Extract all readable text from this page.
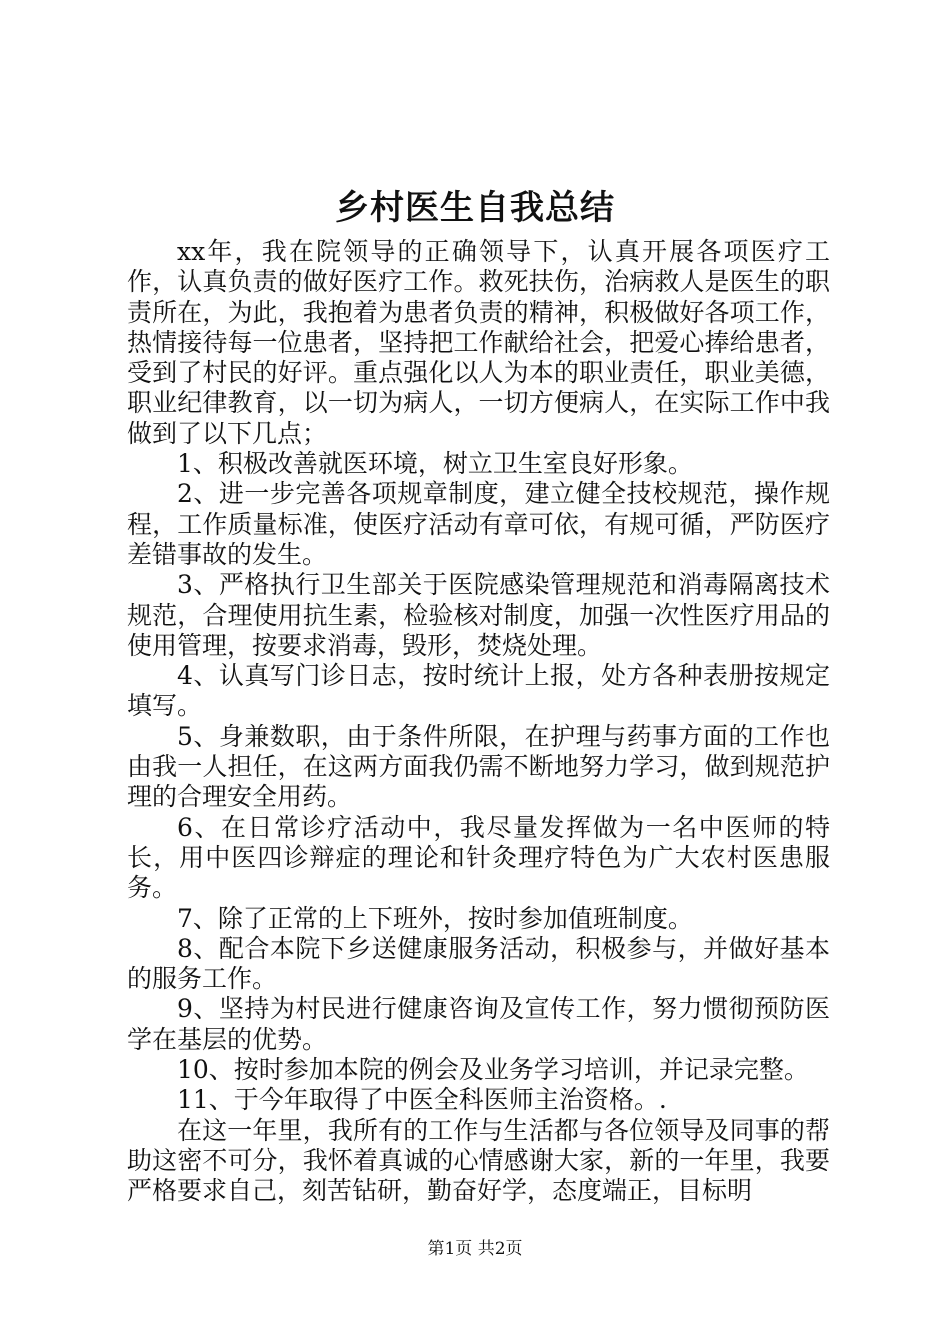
乡村医生自我总结

xx年，我在院领导的正确领导下，认真开展各项医疗工作，认真负责的做好医疗工作。救死扶伤，治病救人是医生的职责所在，为此，我抱着为患者负责的精神，积极做好各项工作，热情接待每一位患者，坚持把工作献给社会，把爱心捧给患者，受到了村民的好评。重点强化以人为本的职业责任，职业美德，职业纪律教育，以一切为病人，一切方便病人，在实际工作中我做到了以下几点；

1、积极改善就医环境，树立卫生室良好形象。

2、进一步完善各项规章制度，建立健全技校规范，操作规程，工作质量标准，使医疗活动有章可依，有规可循，严防医疗差错事故的发生。

3、严格执行卫生部关于医院感染管理规范和消毒隔离技术规范，合理使用抗生素，检验核对制度，加强一次性医疗用品的使用管理，按要求消毒，毁形，焚烧处理。

4、认真写门诊日志，按时统计上报，处方各种表册按规定填写。

5、身兼数职，由于条件所限，在护理与药事方面的工作也由我一人担任，在这两方面我仍需不断地努力学习，做到规范护理的合理安全用药。

6、在日常诊疗活动中，我尽量发挥做为一名中医师的特长，用中医四诊辩症的理论和针灸理疗特色为广大农村医患服务。

7、除了正常的上下班外，按时参加值班制度。

8、配合本院下乡送健康服务活动，积极参与，并做好基本的服务工作。

9、坚持为村民进行健康咨询及宣传工作，努力惯彻预防医学在基层的优势。

10、按时参加本院的例会及业务学习培训，并记录完整。

11、于今年取得了中医全科医师主治资格。.

在这一年里，我所有的工作与生活都与各位领导及同事的帮助这密不可分，我怀着真诚的心情感谢大家，新的一年里，我要严格要求自己，刻苦钻研，勤奋好学，态度端正，目标明

第1页 共2页
